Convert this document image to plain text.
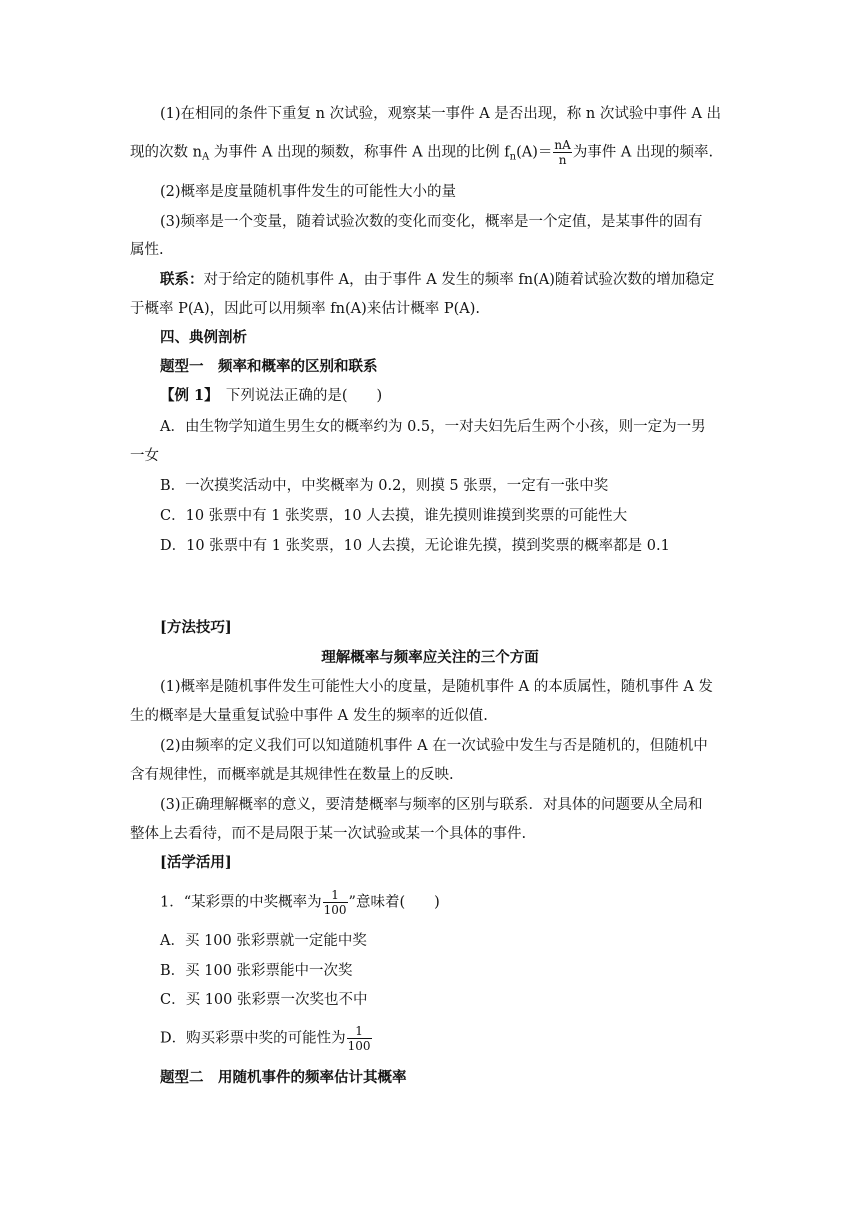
(1)在相同的条件下重复 n 次试验，观察某一事件 A 是否出现，称 n 次试验中事件 A 出
现的次数 $n_A$ 为事件 A 出现的频数，称事件 A 出现的比例 $f_n(A)= \frac{nA}{n}$ 为事件 A 出现的频率.
(2)概率是度量随机事件发生的可能性大小的量
(3)频率是一个变量，随着试验次数的变化而变化，概率是一个定值，是某事件的固有
属性.
联系：对于给定的随机事件 A，由于事件 A 发生的频率 fn(A)随着试验次数的增加稳定
于概率 P(A)，因此可以用频率 fn(A)来估计概率 P(A).
四、典例剖析
题型一　频率和概率的区别和联系
【例 1】　下列说法正确的是(　　)
A．由生物学知道生男生女的概率约为 0.5，一对夫妇先后生两个小孩，则一定为一男
一女
B．一次摸奖活动中，中奖概率为 0.2，则摸 5 张票，一定有一张中奖
C．10 张票中有 1 张奖票，10 人去摸，谁先摸则谁摸到奖票的可能性大
D．10 张票中有 1 张奖票，10 人去摸，无论谁先摸，摸到奖票的概率都是 0.1
[方法技巧]
理解概率与频率应关注的三个方面
(1)概率是随机事件发生可能性大小的度量，是随机事件 A 的本质属性，随机事件 A 发
生的概率是大量重复试验中事件 A 发生的频率的近似值.
(2)由频率的定义我们可以知道随机事件 A 在一次试验中发生与否是随机的，但随机中
含有规律性，而概率就是其规律性在数量上的反映.
(3)正确理解概率的意义，要清楚概率与频率的区别与联系．对具体的问题要从全局和
整体上去看待，而不是局限于某一次试验或某一个具体的事件.
[活学活用]
1．“某彩票的中奖概率为 $\frac{1}{100}$ ”意味着(　　)
A．买 100 张彩票就一定能中奖
B．买 100 张彩票能中一次奖
C．买 100 张彩票一次奖也不中
D．购买彩票中奖的可能性为 $\frac{1}{100}$
题型二　用随机事件的频率估计其概率
